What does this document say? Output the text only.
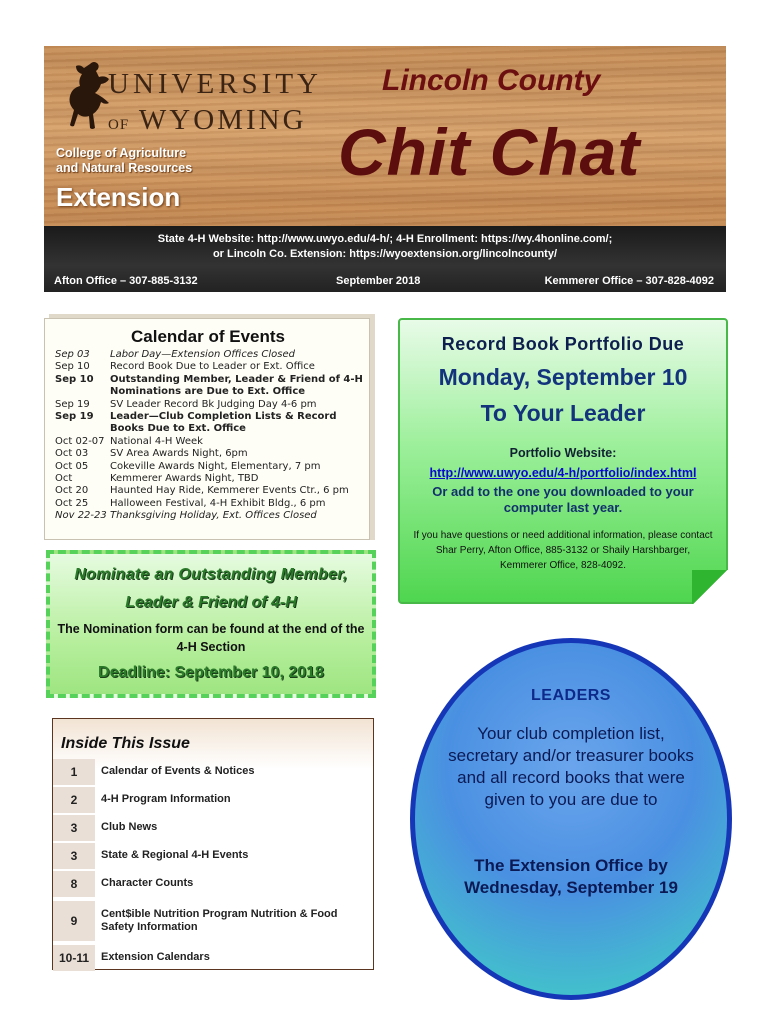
UNIVERSITY
OF WYOMING
College of Agriculture
and Natural Resources
Extension
Lincoln County
Chit Chat
State 4-H Website: http://www.uwyo.edu/4-h/; 4-H Enrollment: https://wy.4honline.com/;
or Lincoln Co. Extension: https://wyoextension.org/lincolncounty/
Afton Office – 307-885-3132	September 2018	Kemmerer Office – 307-828-4092
Calendar of Events
Sep 03	Labor Day—Extension Offices Closed
Sep 10	Record Book Due to Leader or Ext. Office
Sep 10	Outstanding Member, Leader & Friend of 4-H Nominations are Due to Ext. Office
Sep 19	SV Leader Record Bk Judging Day 4-6 pm
Sep 19	Leader—Club Completion Lists & Record Books Due to Ext. Office
Oct 02-07 National 4-H Week
Oct 03	SV Area Awards Night, 6pm
Oct 05	Cokeville Awards Night, Elementary, 7 pm
Oct	Kemmerer Awards Night, TBD
Oct 20	Haunted Hay Ride, Kemmerer Events Ctr., 6 pm
Oct 25	Halloween Festival, 4-H Exhibit Bldg., 6 pm
Nov 22-23 Thanksgiving Holiday, Ext. Offices Closed
Record Book Portfolio Due
Monday, September 10
To Your Leader
Portfolio Website:
http://www.uwyo.edu/4-h/portfolio/index.html
Or add to the one you downloaded to your computer last year.
If you have questions or need additional information, please contact Shar Perry, Afton Office, 885-3132 or Shaily Harshbarger, Kemmerer Office, 828-4092.
Nominate an Outstanding Member,
Leader & Friend of 4-H
The Nomination form can be found at the end of the 4-H Section
Deadline: September 10, 2018
Inside This Issue
1	Calendar of Events & Notices
2	4-H Program Information
3	Club News
3	State & Regional 4-H Events
8	Character Counts
9	Cent$ible Nutrition Program Nutrition & Food Safety Information
10-11	Extension Calendars
LEADERS
Your club completion list, secretary and/or treasurer books and all record books that were given to you are due to
The Extension Office by Wednesday, September 19
